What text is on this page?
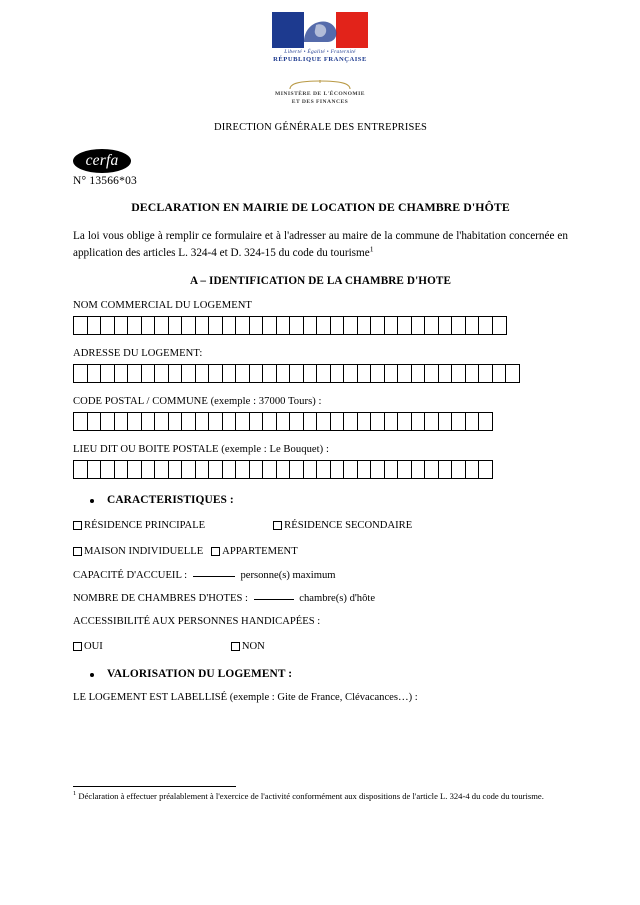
Liberté • Égalité • Fraternité
RÉPUBLIQUE FRANÇAISE
MINISTÈRE DE L'ÉCONOMIE
ET DES FINANCES
DIRECTION GÉNÉRALE DES ENTREPRISES
cerfa
N° 13566*03
DECLARATION EN MAIRIE DE LOCATION DE CHAMBRE D'HÔTE

La loi vous oblige à remplir ce formulaire et à l'adresser au maire de la commune de l'habitation concernée en application des articles L. 324-4 et D. 324-15 du code du tourisme$^1$

A – IDENTIFICATION DE LA CHAMBRE D'HOTE
NOM COMMERCIAL DU LOGEMENT
ADRESSE DU LOGEMENT:
CODE POSTAL / COMMUNE (exemple : 37000 Tours) :
LIEU DIT OU BOITE POSTALE (exemple : Le Bouquet) :
CARACTERISTIQUES :
RÉSIDENCE PRINCIPALE	RÉSIDENCE SECONDAIRE
MAISON INDIVIDUELLE APPARTEMENT
CAPACITÉ D'ACCUEIL :	personne(s) maximum
NOMBRE DE CHAMBRES D'HOTES :	chambre(s) d'hôte
ACCESSIBILITÉ AUX PERSONNES HANDICAPÉES :
OUI	NON
VALORISATION DU LOGEMENT :
LE LOGEMENT EST LABELLISÉ (exemple : Gite de France, Clévacances…) :
$^1$ Déclaration à effectuer préalablement à l'exercice de l'activité conformément aux dispositions de l'article L. 324-4 du code du tourisme.
